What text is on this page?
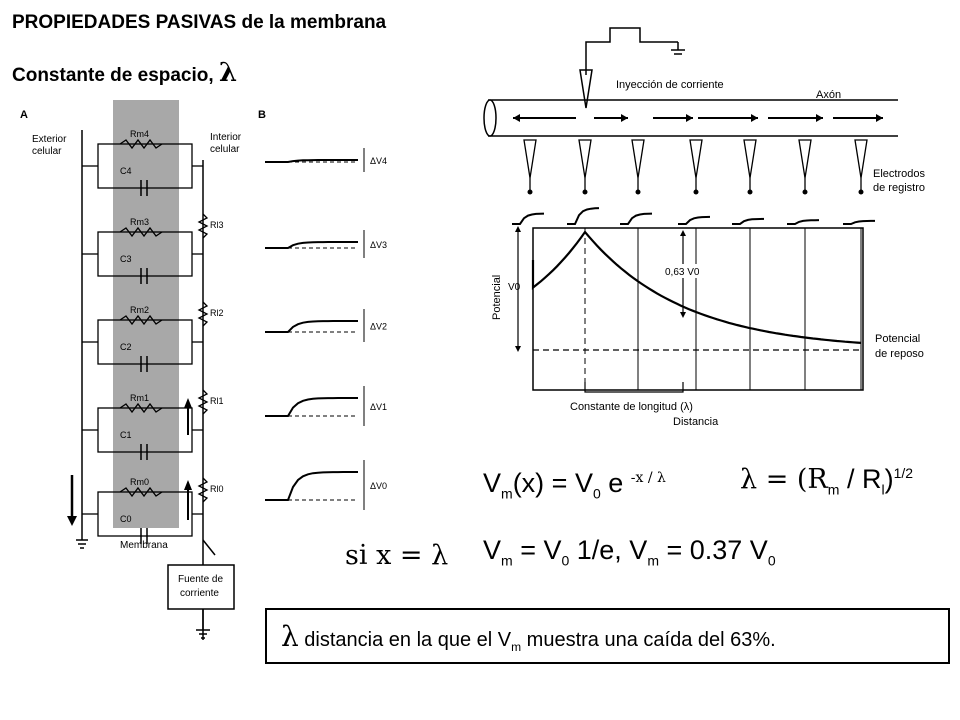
PROPIEDADES PASIVAS de la membrana
Constante de espacio, λ
A	B
Exterior
celular
Interior
celular
Rm4
C4
Rl3
Rm3
C3
Rl2
Rm2
C2
Rl1
Rm1
C1
Rl0
Rm0
C0
Membrana
Fuente de
corriente
ΔV4
ΔV3
ΔV2
ΔV1
ΔV0
Inyección de corriente
Axón
Electrodos
de registro
V0
Potencial
0,63 V0
Potencial
de reposo
Constante de longitud (λ)
Distancia
$V_m(x) = V_0$ e $^{-x / \lambda}$	$\lambda = (R_m / R_l)^{1/2}$
si x = λ $V_m = V_0$ 1/e, $V_m = 0.37$ $V_0$
λ distancia en la que el $V_m$ muestra una caída del 63%.
